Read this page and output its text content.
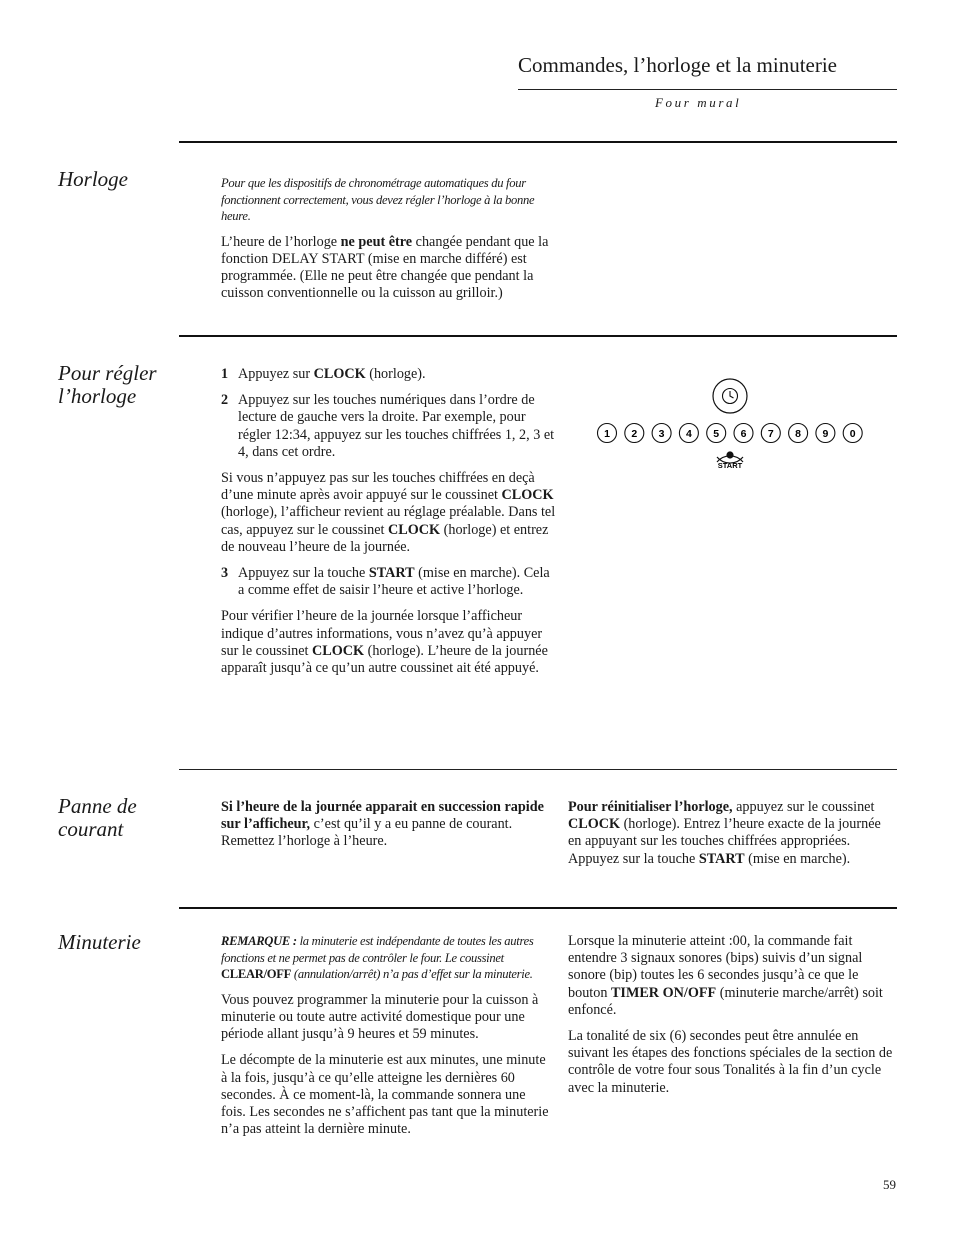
Commandes, l’horloge et la minuterie
Four mural
Horloge	Pour que les dispositifs de chronométrage automatiques du four fonctionnent correctement, vous devez régler l’horloge à la bonne heure.

L’heure de l’horloge ne peut être changée pendant que la fonction DELAY START (mise en marche différé) est programmée. (Elle ne peut être changée que pendant la cuisson conventionnelle ou la cuisson au grilloir.)

Pour régler
l’horloge
1 Appuyez sur CLOCK (horloge).
2 Appuyez sur les touches numériques dans l’ordre de lecture de gauche vers la droite. Par exemple, pour régler 12:34, appuyez sur les touches chiffrées 1, 2, 3 et 4, dans cet ordre.

Si vous n’appuyez pas sur les touches chiffrées en deçà d’une minute après avoir appuyé sur le coussinet CLOCK (horloge), l’afficheur revient au réglage préalable. Dans tel cas, appuyez sur le coussinet CLOCK (horloge) et entrez de nouveau l’heure de la journée.

3 Appuyez sur la touche START (mise en marche). Cela a comme effet de saisir l’heure et active l’horloge.

Pour vérifier l’heure de la journée lorsque l’afficheur indique d’autres informations, vous n’avez qu’à appuyer sur le coussinet CLOCK (horloge). L’heure de la journée apparaît jusqu’à ce qu’un autre coussinet ait été appuyé.

1 2 3 4 5 6 7 8 9 0
START
Panne de
courant

Si l’heure de la journée apparait en succession rapide sur l’afficheur, c’est qu’il y a eu panne de courant. Remettez l’horloge à l’heure.

Pour réinitialiser l’horloge, appuyez sur le coussinet CLOCK (horloge). Entrez l’heure exacte de la journée en appuyant sur les touches chiffrées appropriées. Appuyez sur la touche START (mise en marche).

Minuterie	REMARQUE : la minuterie est indépendante de toutes les autres fonctions et ne permet pas de contrôler le four. Le coussinet CLEAR/OFF (annulation/arrêt) n’a pas d’effet sur la minuterie.

Vous pouvez programmer la minuterie pour la cuisson à minuterie ou toute autre activité domestique pour une période allant jusqu’à 9 heures et 59 minutes.

Le décompte de la minuterie est aux minutes, une minute à la fois, jusqu’à ce qu’elle atteigne les dernières 60 secondes. À ce moment-là, la commande sonnera une fois. Les secondes ne s’affichent pas tant que la minuterie n’a pas atteint la dernière minute.

Lorsque la minuterie atteint :00, la commande fait entendre 3 signaux sonores (bips) suivis d’un signal sonore (bip) toutes les 6 secondes jusqu’à ce que le bouton TIMER ON/OFF (minuterie marche/arrêt) soit enfoncé.

La tonalité de six (6) secondes peut être annulée en suivant les étapes des fonctions spéciales de la section de contrôle de votre four sous Tonalités à la fin d’un cycle avec la minuterie.

59
